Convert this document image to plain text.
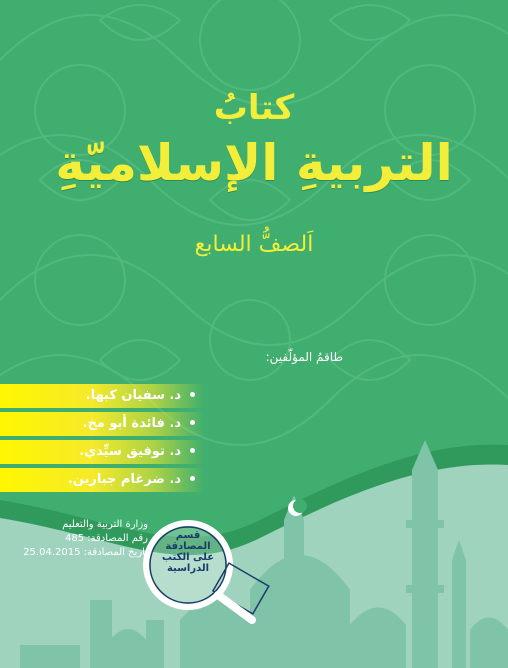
كتابُ
التربيةِ الإسلاميّةِ
اَلصفُّ السابع
طاقمُ المؤلّفين:
د. سفيان كبها.
د. فائدة أبو مخ.
د. توفيق سيِّدي.
د. ضرغام جبارين.
وزارة التربية والتعليم
رقم المصادقة: 485
تاريخ المصادقة: 25.04.2015
قسم
المصادقة
على الكتب
الدراسية
